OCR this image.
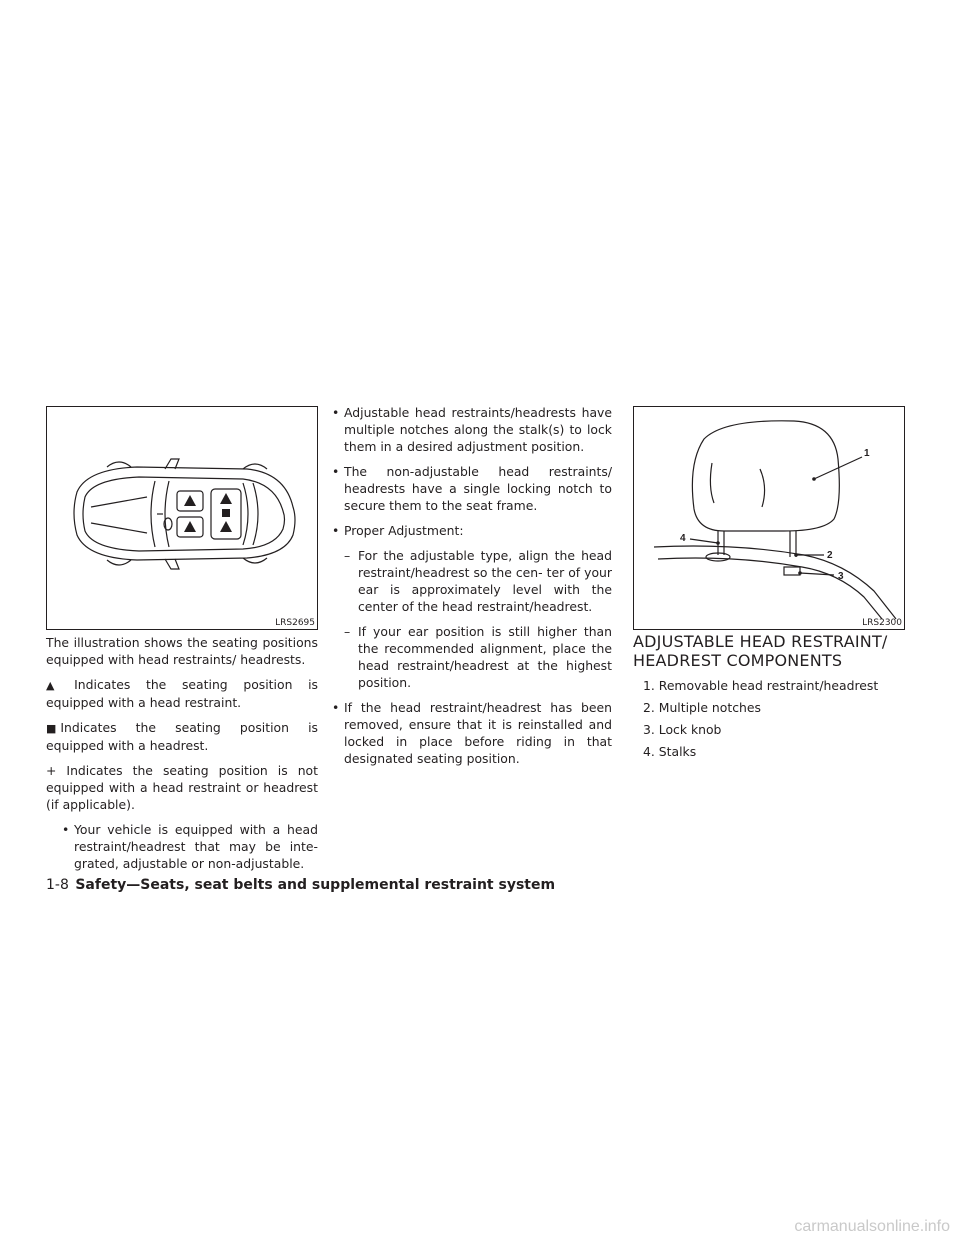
LRS2695
1
2
3
4
LRS2300

The illustration shows the seating positions equipped with head restraints/ headrests.

▲ Indicates the seating position is equipped with a head restraint.

■ Indicates the seating position is equipped with a headrest.

+ Indicates the seating position is not equipped with a head restraint or headrest (if applicable).

• Your vehicle is equipped with a head restraint/headrest that may be inte- grated, adjustable or non-adjustable.
• Adjustable head restraints/headrests have multiple notches along the stalk(s) to lock them in a desired adjustment position.
• The non-adjustable head restraints/ headrests have a single locking notch to secure them to the seat frame.
• Proper Adjustment:
– For the adjustable type, align the head restraint/headrest so the cen- ter of your ear is approximately level with the center of the head restraint/headrest.
– If your ear position is still higher than the recommended alignment, place the head restraint/headrest at the highest position.
• If the head restraint/headrest has been removed, ensure that it is reinstalled and locked in place before riding in that designated seating position.
ADJUSTABLE HEAD RESTRAINT/
HEADREST COMPONENTS
1. Removable head restraint/headrest
2. Multiple notches
3. Lock knob
4. Stalks
1-8 Safety—Seats, seat belts and supplemental restraint system
carmanualsonline.info
